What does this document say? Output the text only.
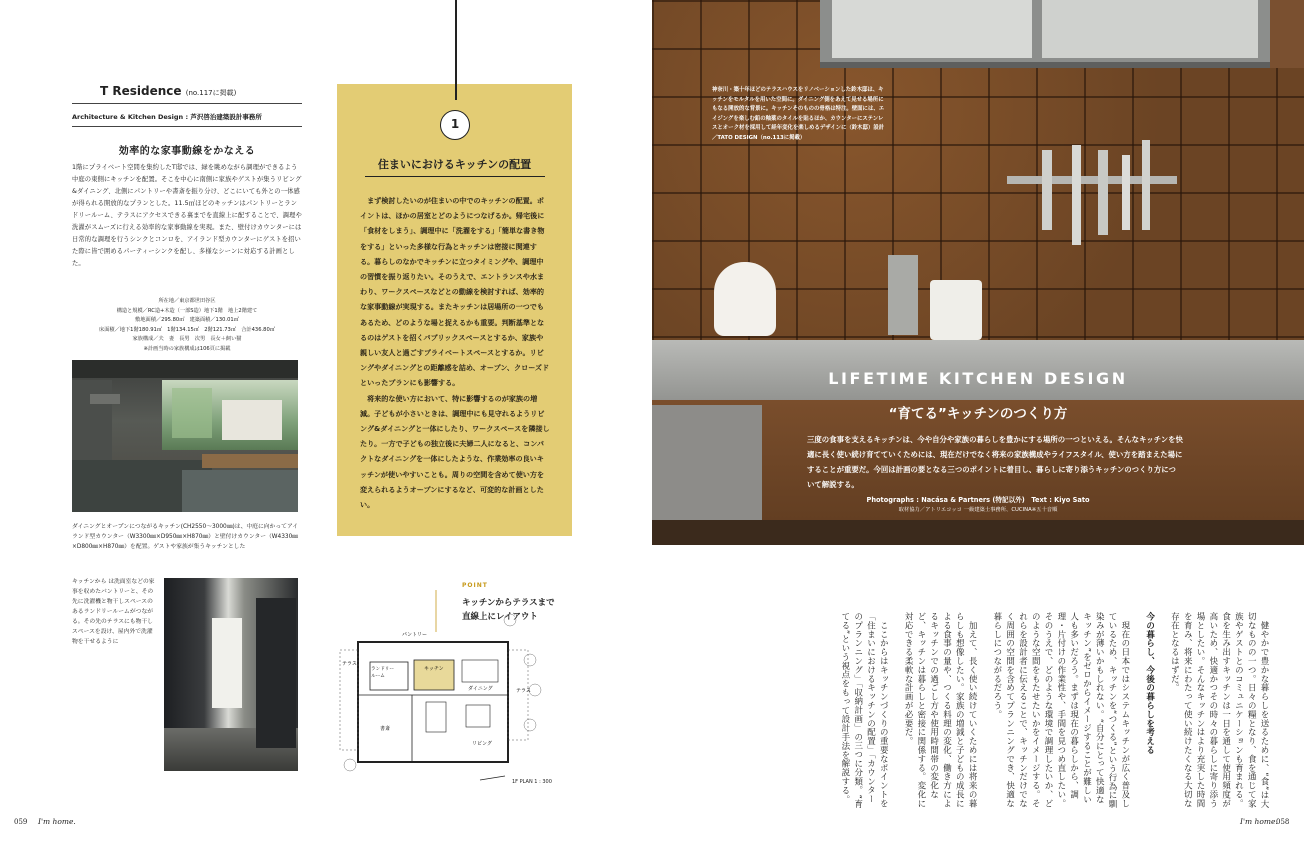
T Residence (no.117に掲載)
Architecture & Kitchen Design : 芦沢啓治建築設計事務所
効率的な家事動線をかなえる
1階にプライベート空間を集約したT邸では、緑を眺めながら調理ができるよう中庭の東側にキッチンを配置。そこを中心に南側に家族やゲストが集うリビング&ダイニング、北側にパントリーや書斎を振り分け、どこにいても外との一体感が得られる開放的なプランとした。11.5㎡ほどのキッチンはパントリーとランドリールーム、テラスにアクセスできる裏までを直線上に配することで、調理や洗濯がスムーズに行える効率的な家事動線を実現。また、壁付けカウンターには日常的な調理を行うシンクとコンロを、アイランド型カウンターにゲストを招いた際に皆で囲めるパーティーシンクを配し、多様なシーンに対応する計画とした。
所在地／東京都世田谷区
構造と規模／RC造+木造（一部S造）地下1階　地上2階建て
敷地面積／295.80㎡　建築面積／130.01㎡
床面積／地下1階180.91㎡　1階134.15㎡　2階121.73㎡　合計436.80㎡
家族構成／夫　妻　長男　次男　長女＋飼い猫
※計画当時の家族構成は106頁に掲載
ダイニングとオープンにつながるキッチン(CH2550〜3000㎜)は、中庭に向かってアイランド型カウンター（W3300㎜×D950㎜×H870㎜）と壁付けカウンター（W4330㎜×D800㎜×H870㎜）を配置。ゲストや家族が集うキッチンとした
キッチンから は洗面室などの家事を収めたパントリーと、その先に洗濯機と物干しスペースのあるランドリールームがつながる。その先のテラスにも物干しスペースを設け、屋内外で洗濯物を干せるように
1
住まいにおけるキッチンの配置
　まず検討したいのが住まいの中でのキッチンの配置。ポイントは、ほかの居室とどのようにつなげるか。帰宅後に「食材をしまう」、調理中に「洗濯をする」「簡単な書き物をする」といった多様な行為とキッチンは密接に関連する。暮らしのなかでキッチンに立つタイミングや、調理中の習慣を振り返りたい。そのうえで、エントランスや水まわり、ワークスペースなどとの動線を検討すれば、効率的な家事動線が実現する。またキッチンは居場所の一つでもあるため、どのような場と捉えるかも重要。判断基準となるのはゲストを招くパブリックスペースとするか、家族や親しい友人と過ごすプライベートスペースとするか。リビングやダイニングとの距離感を詰め、オープン、クローズドといったプランにも影響する。
　将来的な使い方において、特に影響するのが家族の増減。子どもが小さいときは、調理中にも見守れるようリビング&ダイニングと一体にしたり、ワークスペースを隣接したり。一方で子どもの独立後に夫婦二人になると、コンパクトなダイニングを一体にしたような、作業効率の良いキッチンが使いやすいことも。周りの空間を含めて使い方を変えられるようオープンにするなど、可変的な計画としたい。
POINT
キッチンからテラスまで
直線上にレイアウト
パントリー
テラス
ランドリー
ルーム
キッチン
ダイニング	テラス
書斎
リビング
1F PLAN 1 : 300
神奈川・築十年ほどのテラスハウスをリノベーションした鈴木邸は、キッチンをモルタルを用いた空間に。ダイニング側をあえて見せる場所にもなる開放的な背景に。キッチンそのものの骨格は特注。壁面には、エイジングを楽しむ鉛の釉薬のタイルを貼るほか、カウンターにステンレスとオーク材を採用して経年変化を楽しめるデザインに（鈴木邸）設計／TATO DESIGN（no.113に掲載）
LIFETIME KITCHEN DESIGN
“育てる”キッチンのつくり方
三度の食事を支えるキッチンは、今や自分や家族の暮らしを豊かにする場所の一つといえる。そんなキッチンを快適に長く使い続け育てていくためには、現在だけでなく将来の家族構成やライフスタイル、使い方を踏まえた場にすることが重要だ。今回は計画の要となる三つのポイントに着目し、暮らしに寄り添うキッチンのつくり方について解説する。
Photographs : Nacása & Partners (特記以外)　Text : Kiyo Sato
取材協力／アトリエコッコ 一級建築士事務所、CUCINA※五十音順

　健やかで豊かな暮らしを送るために、“食”は大切なものの一つ。日々の糧となり、食を通じて家族やゲストとのコミュニケーションも育まれる。食を生み出すキッチンは一日を通して使用頻度が高いため、快適かつその時々の暮らしに寄り添う場としたい。そんなキッチンはより充実した時間を育み、将来にわたって使い続けたくなる大切な存在となるはずだ。

今の暮らし、今後の暮らしを考える

　現在の日本ではシステムキッチンが広く普及しているため、キッチンを“つくる”という行為に馴染みが薄いかもしれない。“自分にとって快適なキッチン”をゼロからイメージすることが難しい人も多いだろう。まずは現在の暮らしから、調理・片付けの作業性や、手間を見つめ直したい。そのうえで、どのような環境で調理したいか、どのような空間をもたせたいかをイメージする。それらを設計者に伝えることで、キッチンだけでなく周囲の空間を含めてプランニングでき、快適な暮らしにつながるだろう。

　加えて、長く使い続けていくためには将来の暮らしも想像したい。家族の増減と子どもの成長による食事の量や、つくる料理の変化、働き方によるキッチンでの過ごし方や使用時間帯の変化など、キッチンは暮らしと密接に関係する。変化に対応できる柔軟な計画が必要だ。

　ここからはキッチンづくりの重要なポイントを「住まいにおけるキッチンの配置」「カウンターのプランニング」「収納計画」の三つに分類。“育てる”という視点をもって設計手法を解説する。

059 I'm home.	I'm home.
058
